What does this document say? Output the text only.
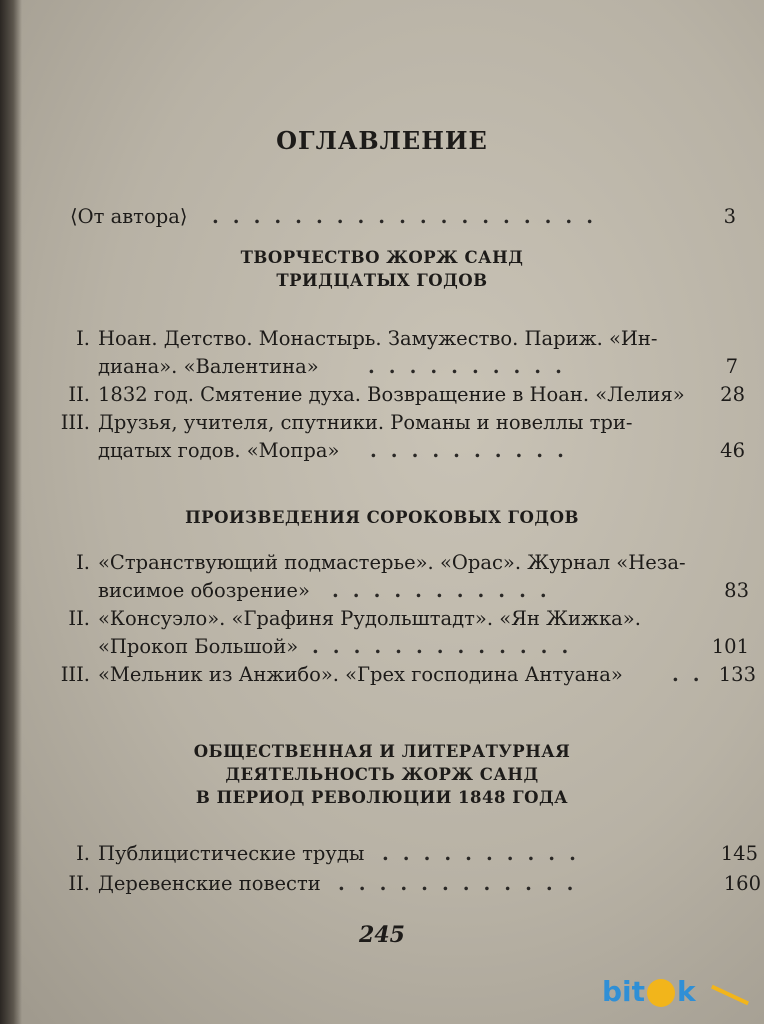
ОГЛАВЛЕНИЕ
⟨От автора⟩ ...................	3
ТВОРЧЕСТВО ЖОРЖ САНД
ТРИДЦАТЫХ ГОДОВ
I. Ноан. Детство. Монастырь. Замужество. Париж. «Ин-
диана». «Валентина»	..........	7
II. 1832 год. Смятение духа. Возвращение в Ноан. «Лелия»	28
III. Друзья, учителя, спутники. Романы и новеллы три-
дцатых годов. «Мопра» ..........	46
ПРОИЗВЕДЕНИЯ СОРОКОВЫХ ГОДОВ
I. «Странствующий подмастерье». «Орас». Журнал «Неза-
висимое обозрение» ...........	83
II. «Консуэло». «Графиня Рудольштадт». «Ян Жижка».
«Прокоп Большой» .............	101
III. «Мельник из Анжибо». «Грех господина Антуана»	.. 133
ОБЩЕСТВЕННАЯ И ЛИТЕРАТУРНАЯ
ДЕЯТЕЛЬНОСТЬ ЖОРЖ САНД
В ПЕРИОД РЕВОЛЮЦИИ 1848 ГОДА
I. Публицистические труды ..........	145
II. Деревенские повести ............	160
245
bit k
